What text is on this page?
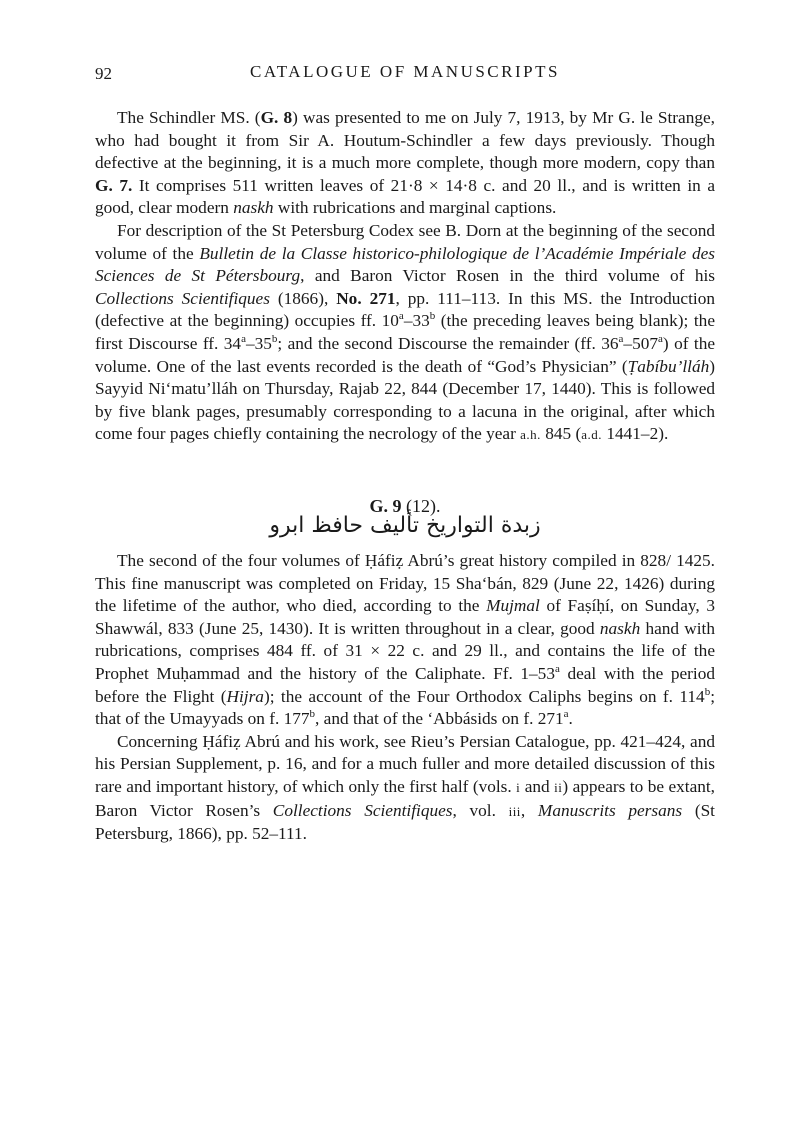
92	CATALOGUE OF MANUSCRIPTS

The Schindler MS. (G. 8) was presented to me on July 7, 1913, by Mr G. le Strange, who had bought it from Sir A. Houtum-Schindler a few days previously. Though defective at the beginning, it is a much more complete, though more modern, copy than G. 7. It comprises 511 written leaves of 21·8 × 14·8 c. and 20 ll., and is written in a good, clear modern naskh with rubrications and marginal captions.

For description of the St Petersburg Codex see B. Dorn at the beginning of the second volume of the Bulletin de la Classe historico-philologique de l’Académie Impériale des Sciences de St Pétersbourg, and Baron Victor Rosen in the third volume of his Collections Scientifiques (1866), No. 271, pp. 111–113. In this MS. the Introduction (defective at the beginning) occupies ff. 10$^a$–33$^b$ (the preceding leaves being blank); the first Discourse ff. 34$^a$–35$^b$; and the second Discourse the remainder (ff. 36$^a$–507$^a$) of the volume. One of the last events recorded is the death of “God’s Physician” (Ṭabíbu’lláh) Sayyid Ni‘matu’lláh on Thursday, Rajab 22, 844 (December 17, 1440). This is followed by five blank pages, presumably corresponding to a lacuna in the original, after which come four pages chiefly containing the necrology of the year a.h. 845 (a.d. 1441–2).

G. 9 (12).
زبدة التواريخ تأليف حافظ ابرو

The second of the four volumes of Ḥáfiẓ Abrú’s great history compiled in 828/ 1425. This fine manuscript was completed on Friday, 15 Sha‘bán, 829 (June 22, 1426) during the lifetime of the author, who died, according to the Mujmal of Faṣíḥí, on Sunday, 3 Shawwál, 833 (June 25, 1430). It is written throughout in a clear, good naskh hand with rubrications, comprises 484 ff. of 31 × 22 c. and 29 ll., and contains the life of the Prophet Muḥammad and the history of the Caliphate. Ff. 1–53$^a$ deal with the period before the Flight (Hijra); the account of the Four Orthodox Caliphs begins on f. 114$^b$; that of the Umayyads on f. 177$^b$, and that of the ‘Abbásids on f. 271$^a$.

Concerning Ḥáfiẓ Abrú and his work, see Rieu’s Persian Catalogue, pp. 421–424, and his Persian Supplement, p. 16, and for a much fuller and more detailed discussion of this rare and important history, of which only the first half (vols. i and ii) appears to be extant, Baron Victor Rosen’s Collections Scientifiques, vol. iii, Manuscrits persans (St Petersburg, 1866), pp. 52–111.
